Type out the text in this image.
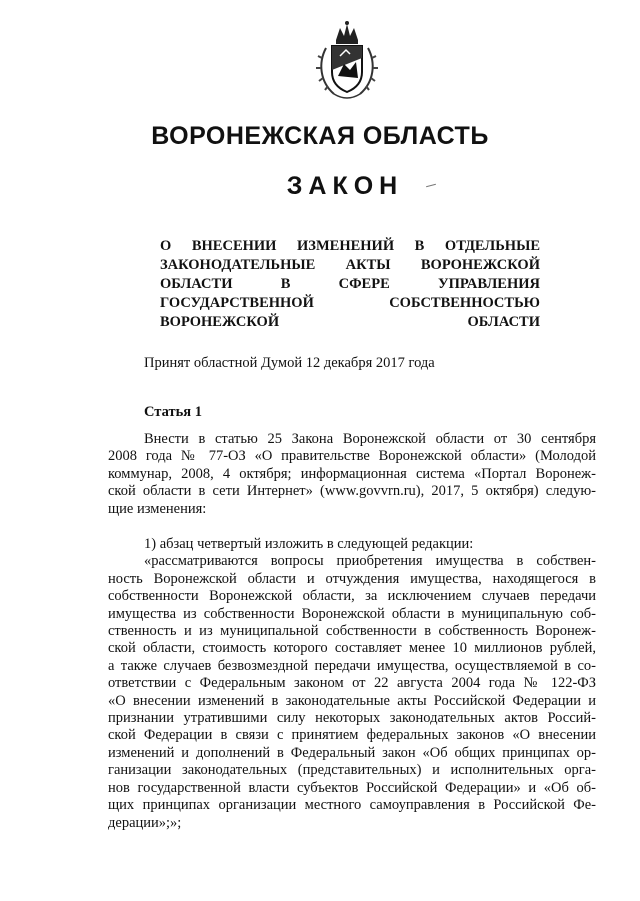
ВОРОНЕЖСКАЯ ОБЛАСТЬ
ЗАКОН
О ВНЕСЕНИИ ИЗМЕНЕНИЙ В ОТДЕЛЬНЫЕ
ЗАКОНОДАТЕЛЬНЫЕ АКТЫ ВОРОНЕЖСКОЙ
ОБЛАСТИ В СФЕРЕ УПРАВЛЕНИЯ
ГОСУДАРСТВЕННОЙ СОБСТВЕННОСТЬЮ
ВОРОНЕЖСКОЙ ОБЛАСТИ
Принят областной Думой 12 декабря 2017 года
Статья 1
Внести в статью 25 Закона Воронежской области от 30 сентября
2008 года № 77-ОЗ «О правительстве Воронежской области» (Молодой
коммунар, 2008, 4 октября; информационная система «Портал Воронеж-
ской области в сети Интернет» (www.govvrn.ru), 2017, 5 октября) следую-
щие изменения:
1) абзац четвертый изложить в следующей редакции:
«рассматриваются вопросы приобретения имущества в собствен-
ность Воронежской области и отчуждения имущества, находящегося в
собственности Воронежской области, за исключением случаев передачи
имущества из собственности Воронежской области в муниципальную соб-
ственность и из муниципальной собственности в собственность Воронеж-
ской области, стоимость которого составляет менее 10 миллионов рублей,
а также случаев безвозмездной передачи имущества, осуществляемой в со-
ответствии с Федеральным законом от 22 августа 2004 года № 122-ФЗ
«О внесении изменений в законодательные акты Российской Федерации и
признании утратившими силу некоторых законодательных актов Россий-
ской Федерации в связи с принятием федеральных законов «О внесении
изменений и дополнений в Федеральный закон «Об общих принципах ор-
ганизации законодательных (представительных) и исполнительных орга-
нов государственной власти субъектов Российской Федерации» и «Об об-
щих принципах организации местного самоуправления в Российской Фе-
дерации»;»;
